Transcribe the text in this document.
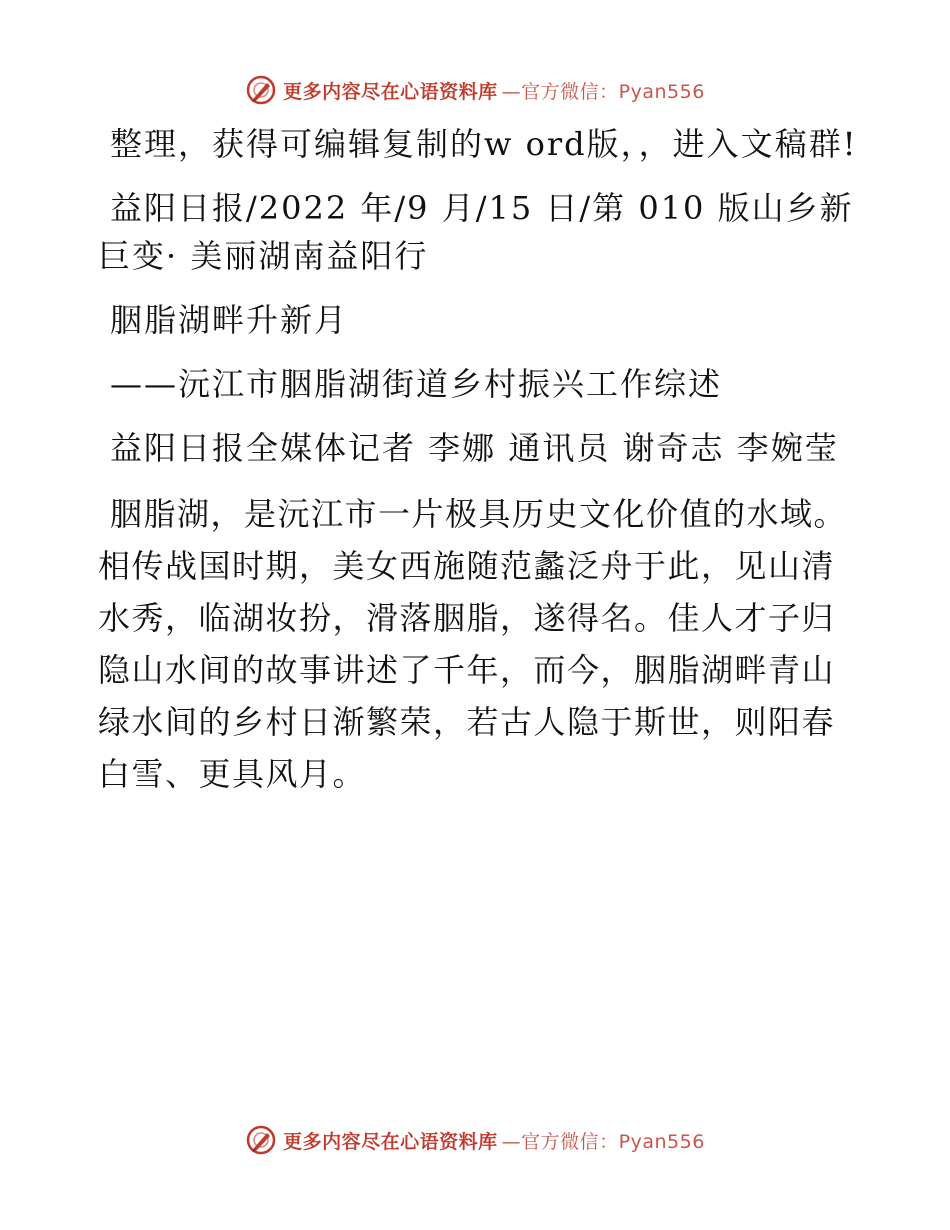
更多内容尽在心语资料库 —官方微信：Pyan556

整理，获得可编辑复制的w ord版，，进入文稿群!

益阳日报/2022 年/9 月/15 日/第 010 版山乡新巨变· 美丽湖南益阳行

胭脂湖畔升新月

——沅江市胭脂湖街道乡村振兴工作综述

益阳日报全媒体记者 李娜 通讯员 谢奇志 李婉莹

胭脂湖，是沅江市一片极具历史文化价值的水域。相传战国时期，美女西施随范蠡泛舟于此，见山清水秀，临湖妆扮，滑落胭脂，遂得名。佳人才子归隐山水间的故事讲述了千年，而今，胭脂湖畔青山绿水间的乡村日渐繁荣，若古人隐于斯世，则阳春白雪、更具风月。

更多内容尽在心语资料库 —官方微信：Pyan556
